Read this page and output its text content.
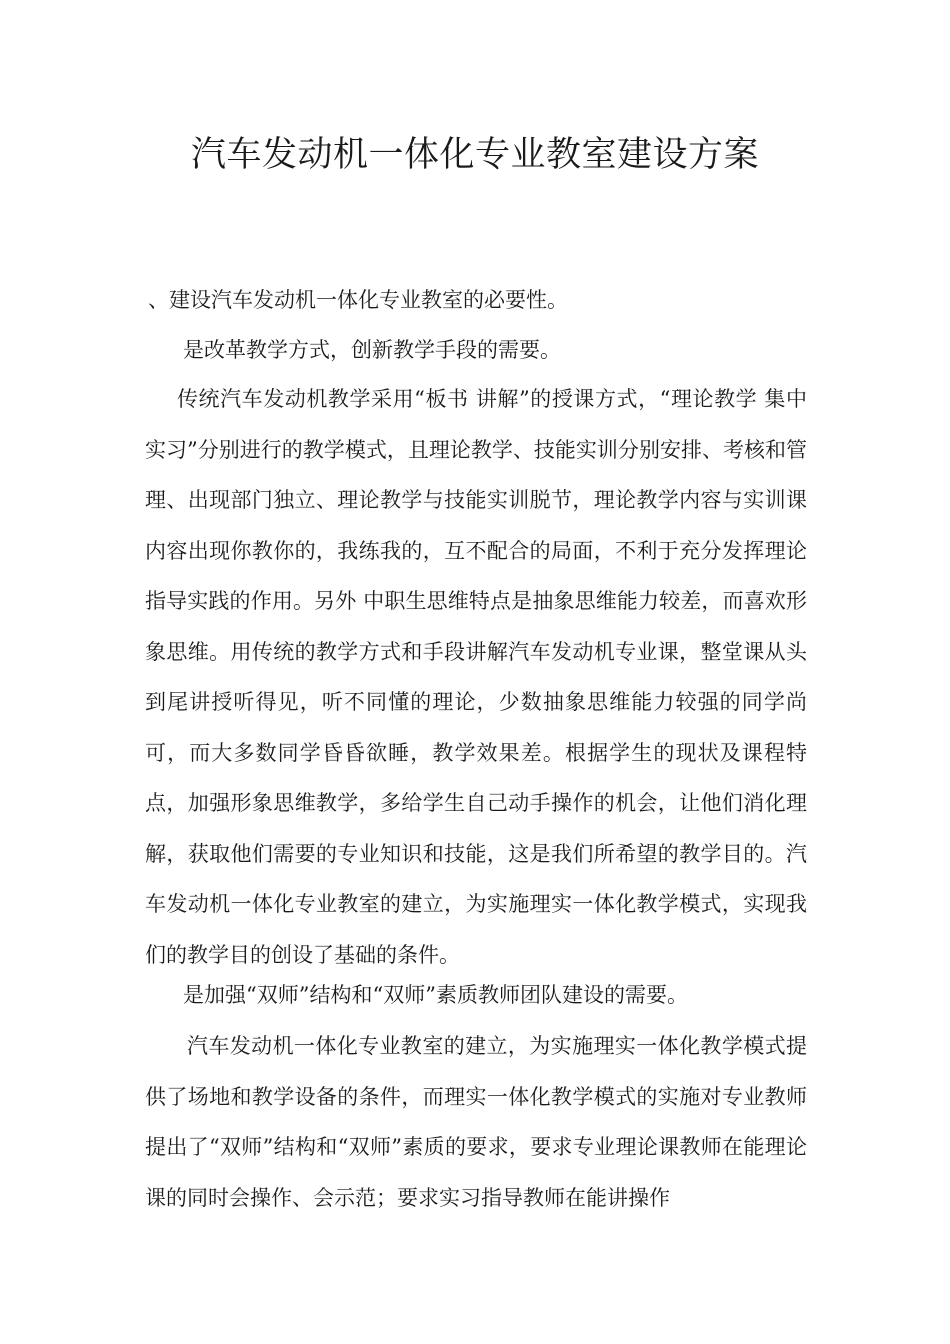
汽车发动机一体化专业教室建设方案

、建设汽车发动机一体化专业教室的必要性。

是改革教学方式，创新教学手段的需要。

传统汽车发动机教学采用“板书 讲解”的授课方式，“理论教学 集中实习”分别进行的教学模式，且理论教学、技能实训分别安排、考核和管理、出现部门独立、理论教学与技能实训脱节，理论教学内容与实训课内容出现你教你的，我练我的，互不配合的局面，不利于充分发挥理论指导实践的作用。另外 中职生思维特点是抽象思维能力较差，而喜欢形象思维。用传统的教学方式和手段讲解汽车发动机专业课，整堂课从头到尾讲授听得见，听不同懂的理论，少数抽象思维能力较强的同学尚可，而大多数同学昏昏欲睡，教学效果差。根据学生的现状及课程特点，加强形象思维教学，多给学生自己动手操作的机会，让他们消化理解，获取他们需要的专业知识和技能，这是我们所希望的教学目的。汽车发动机一体化专业教室的建立，为实施理实一体化教学模式，实现我们的教学目的创设了基础的条件。

是加强“双师”结构和“双师”素质教师团队建设的需要。

汽车发动机一体化专业教室的建立，为实施理实一体化教学模式提供了场地和教学设备的条件，而理实一体化教学模式的实施对专业教师提出了“双师”结构和“双师”素质的要求，要求专业理论课教师在能理论课的同时会操作、会示范；要求实习指导教师在能讲操作
